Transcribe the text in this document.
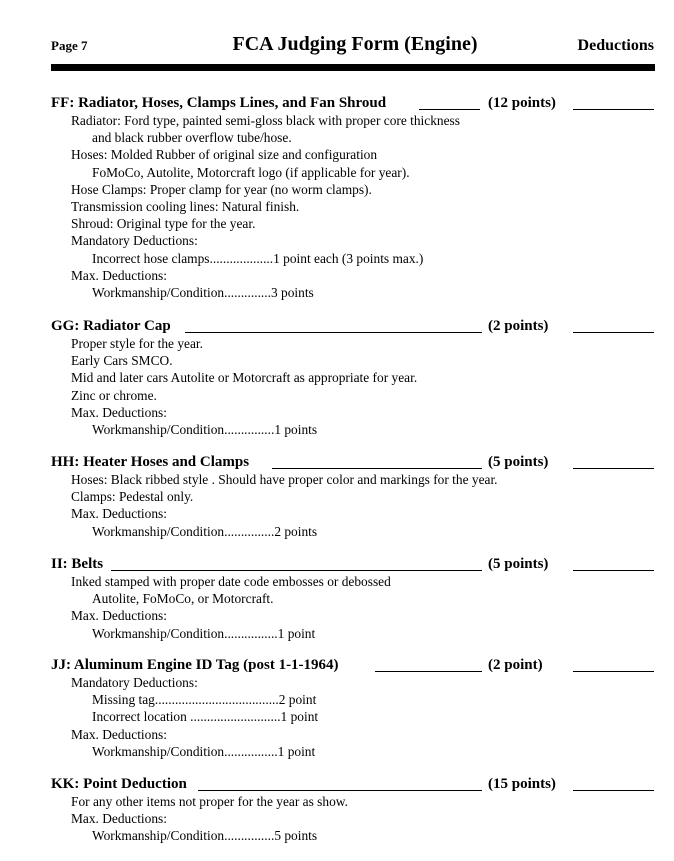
Page 7	FCA Judging Form (Engine)	Deductions
FF: Radiator, Hoses, Clamps Lines, and Fan Shroud	(12 points)
Radiator: Ford type, painted semi-gloss black with proper core thickness
and black rubber overflow tube/hose.
Hoses: Molded Rubber of original size and configuration
FoMoCo, Autolite, Motorcraft logo (if applicable for year).
Hose Clamps: Proper clamp for year (no worm clamps).
Transmission cooling lines: Natural finish.
Shroud: Original type for the year.
Mandatory Deductions:
Incorrect hose clamps...................1 point each (3 points max.)
Max. Deductions:
Workmanship/Condition..............3 points
GG: Radiator Cap	(2 points)
Proper style for the year.
Early Cars SMCO.
Mid and later cars Autolite or Motorcraft as appropriate for year.
Zinc or chrome.
Max. Deductions:
Workmanship/Condition...............1 points
HH: Heater Hoses and Clamps	(5 points)
Hoses: Black ribbed style . Should have proper color and markings for the year.
Clamps: Pedestal only.
Max. Deductions:
Workmanship/Condition...............2 points
II: Belts	(5 points)
Inked stamped with proper date code embosses or debossed
Autolite, FoMoCo, or Motorcraft.
Max. Deductions:
Workmanship/Condition................1 point
JJ: Aluminum Engine ID Tag (post 1-1-1964)	(2 point)
Mandatory Deductions:
Missing tag.....................................2 point
Incorrect location ...........................1 point
Max. Deductions:
Workmanship/Condition................1 point
KK: Point Deduction	(15 points)
For any other items not proper for the year as show.
Max. Deductions:
Workmanship/Condition...............5 points
